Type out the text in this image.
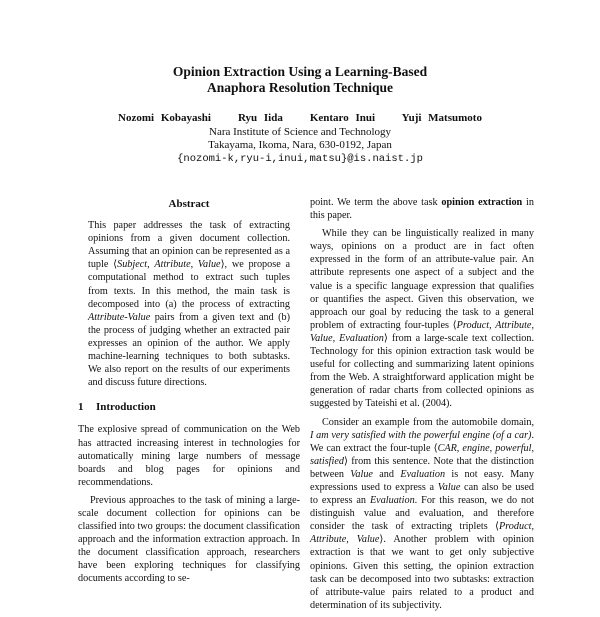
Opinion Extraction Using a Learning-Based
Anaphora Resolution Technique
Nozomi Kobayashi    Ryu Iida    Kentaro Inui    Yuji Matsumoto
Nara Institute of Science and Technology
Takayama, Ikoma, Nara, 630-0192, Japan
{nozomi-k,ryu-i,inui,matsu}@is.naist.jp
Abstract
This paper addresses the task of extracting opinions from a given document collection. Assuming that an opinion can be represented as a tuple ⟨Subject, Attribute, Value⟩, we propose a computational method to extract such tuples from texts. In this method, the main task is decomposed into (a) the process of extracting Attribute-Value pairs from a given text and (b) the process of judging whether an extracted pair expresses an opinion of the author. We apply machine-learning techniques to both subtasks. We also report on the results of our experiments and discuss future directions.
1 Introduction

The explosive spread of communication on the Web has attracted increasing interest in technologies for automatically mining large numbers of message boards and blog pages for opinions and recommendations.

Previous approaches to the task of mining a large-scale document collection for opinions can be classified into two groups: the document classification approach and the information extraction approach. In the document classification approach, researchers have been exploring techniques for classifying documents according to se-

point. We term the above task opinion extraction in this paper.

While they can be linguistically realized in many ways, opinions on a product are in fact often expressed in the form of an attribute-value pair. An attribute represents one aspect of a subject and the value is a specific language expression that qualifies or quantifies the aspect. Given this observation, we approach our goal by reducing the task to a general problem of extracting four-tuples ⟨Product, Attribute, Value, Evaluation⟩ from a large-scale text collection. Technology for this opinion extraction task would be useful for collecting and summarizing latent opinions from the Web. A straightforward application might be generation of radar charts from collected opinions as suggested by Tateishi et al. (2004).

Consider an example from the automobile domain, I am very satisfied with the powerful engine (of a car). We can extract the four-tuple ⟨CAR, engine, powerful, satisfied⟩ from this sentence. Note that the distinction between Value and Evaluation is not easy. Many expressions used to express a Value can also be used to express an Evaluation. For this reason, we do not distinguish value and evaluation, and therefore consider the task of extracting triplets ⟨Product, Attribute, Value⟩. Another problem with opinion extraction is that we want to get only subjective opinions. Given this setting, the opinion extraction task can be decomposed into two subtasks: extraction of attribute-value pairs related to a product and determination of its subjectivity.
